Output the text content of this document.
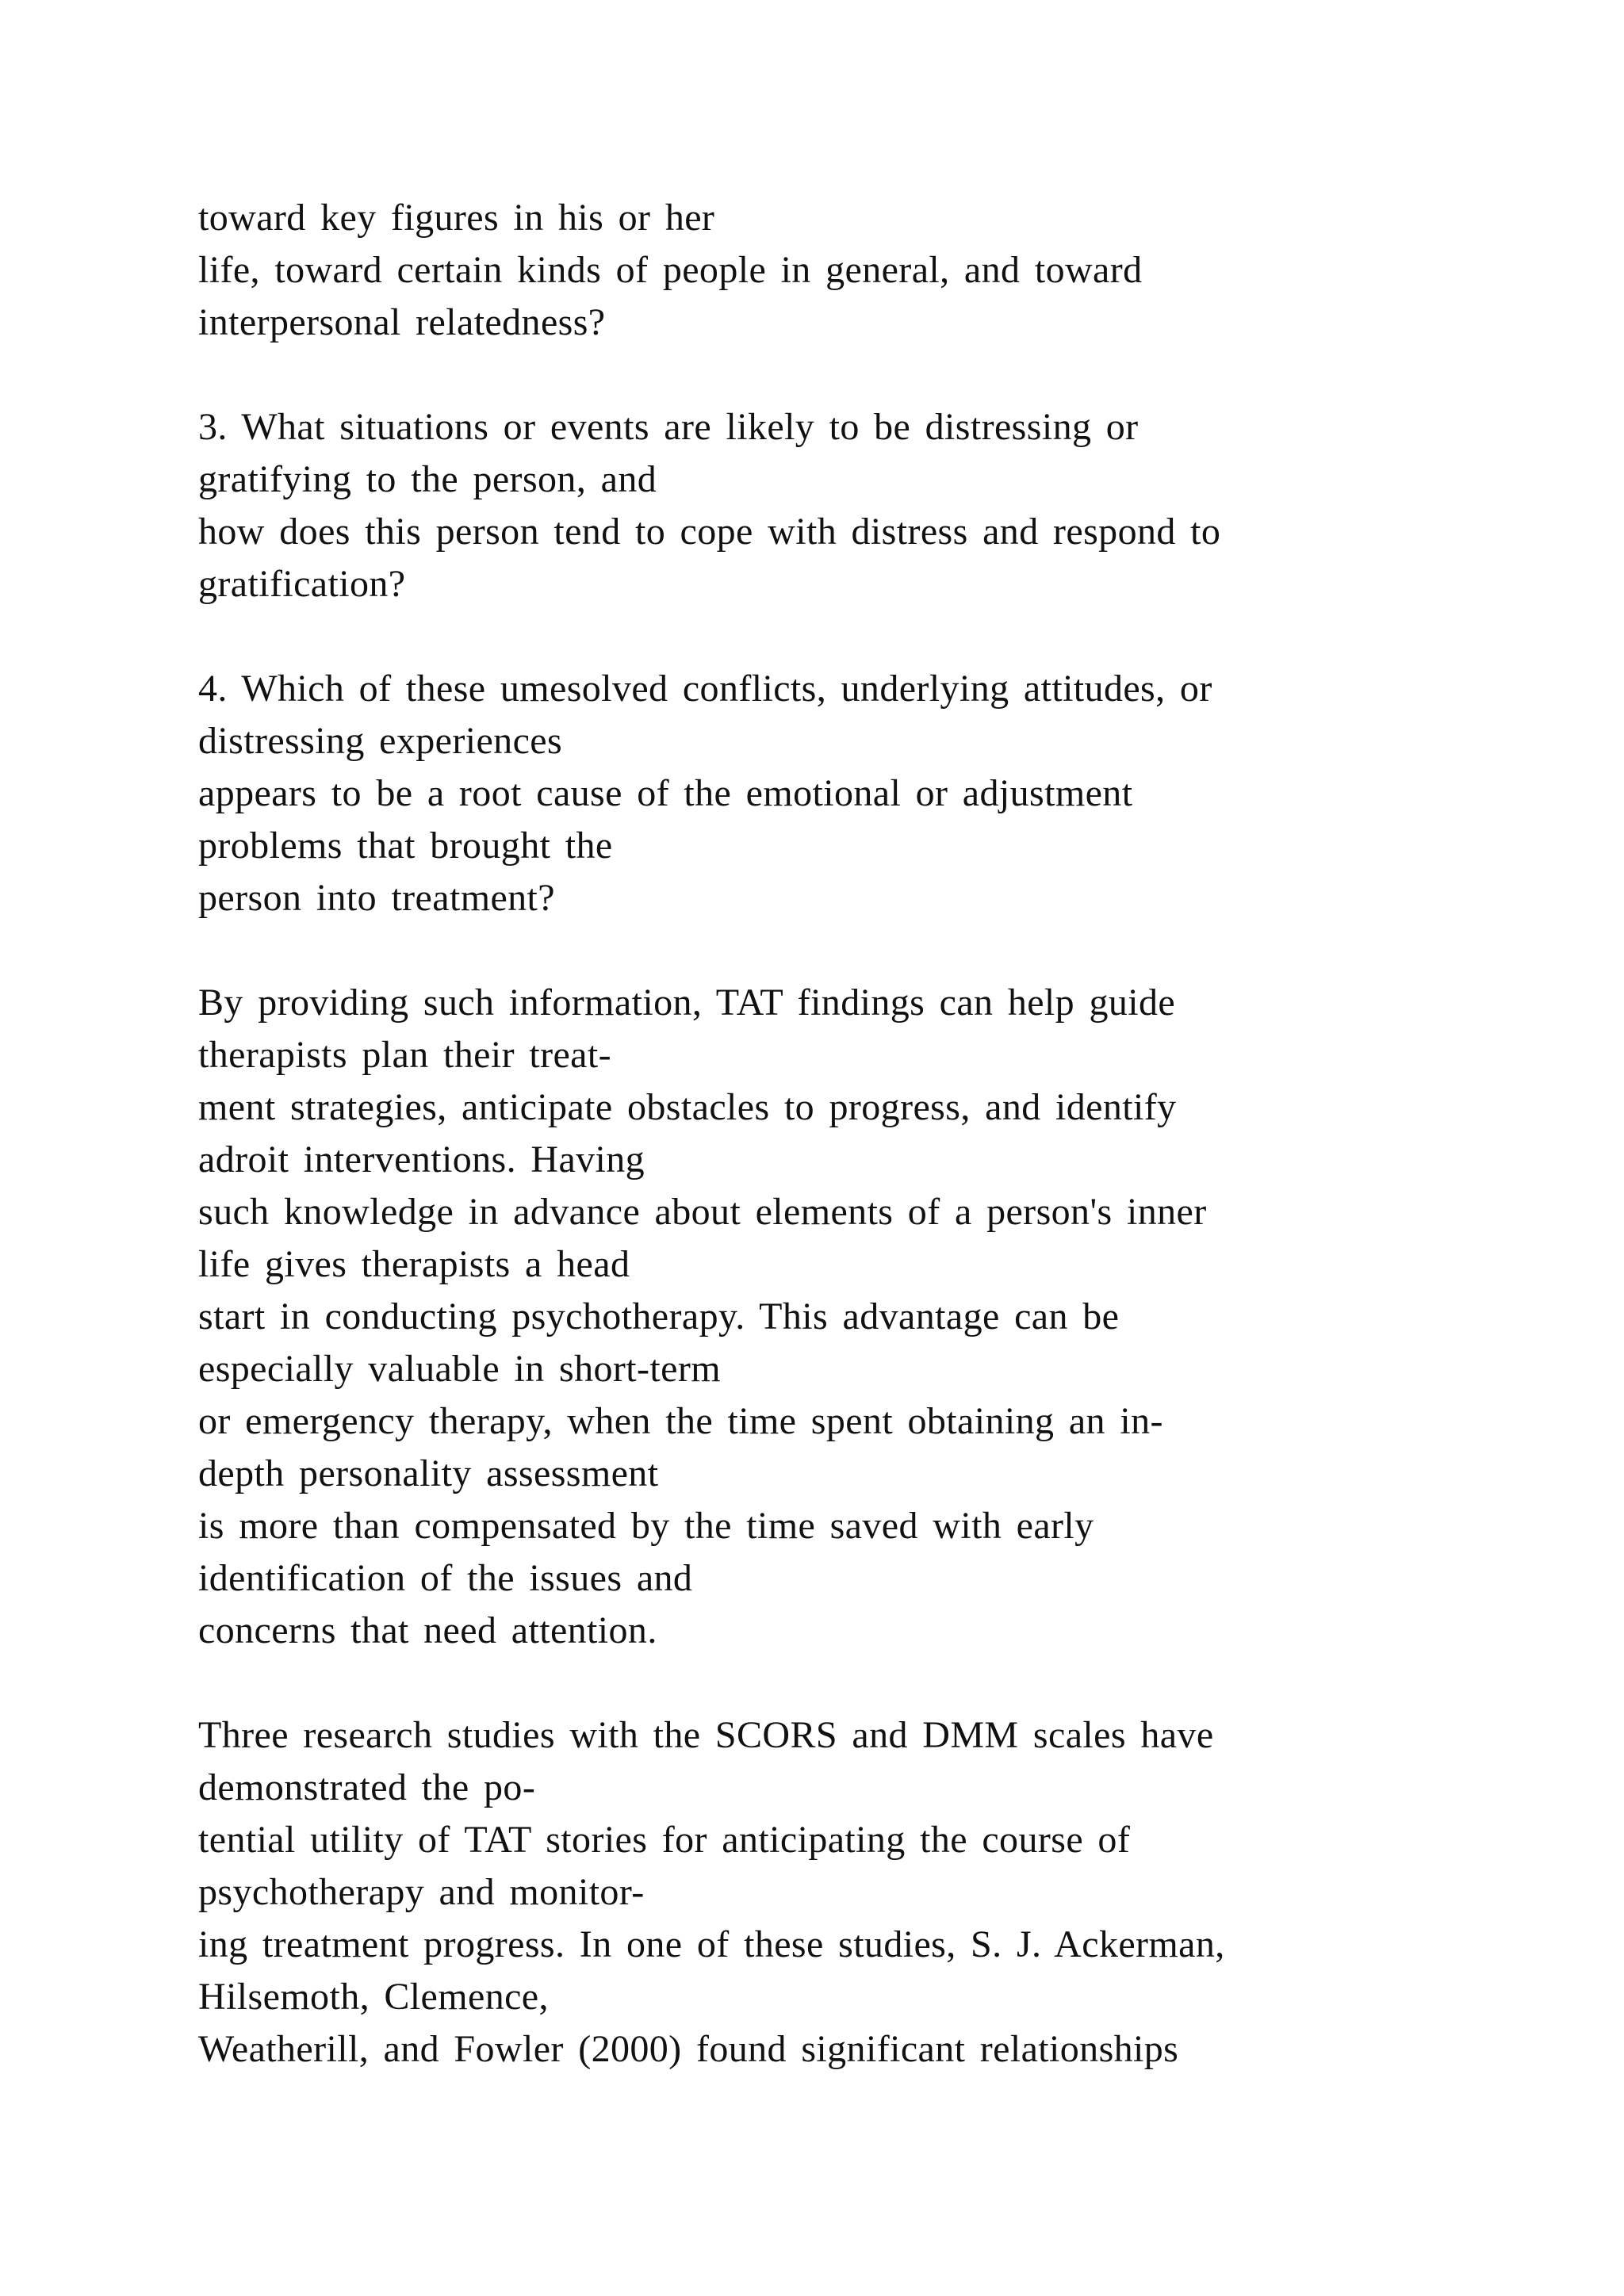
toward key figures in his or her
life, toward certain kinds of people in general, and toward
interpersonal relatedness?
3. What situations or events are likely to be distressing or
gratifying to the person, and
how does this person tend to cope with distress and respond to
gratification?
4. Which of these umesolved conflicts, underlying attitudes, or
distressing experiences
appears to be a root cause of the emotional or adjustment
problems that brought the
person into treatment?
By providing such information, TAT findings can help guide
therapists plan their treat-
ment strategies, anticipate obstacles to progress, and identify
adroit interventions. Having
such knowledge in advance about elements of a person's inner
life gives therapists a head
start in conducting psychotherapy. This advantage can be
especially valuable in short-term
or emergency therapy, when the time spent obtaining an in-
depth personality assessment
is more than compensated by the time saved with early
identification of the issues and
concerns that need attention.
Three research studies with the SCORS and DMM scales have
demonstrated the po-
tential utility of TAT stories for anticipating the course of
psychotherapy and monitor-
ing treatment progress. In one of these studies, S. J. Ackerman,
Hilsemoth, Clemence,
Weatherill, and Fowler (2000) found significant relationships
